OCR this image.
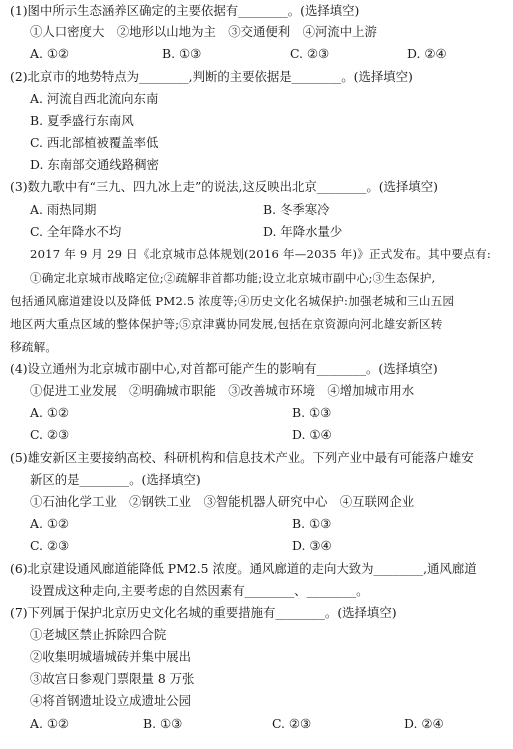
(1)图中所示生态涵养区确定的主要依据有________。(选择填空)
①人口密度大　②地形以山地为主　③交通便利　④河流中上游
A. ①②	B. ①③	C. ②③	D. ②④
(2)北京市的地势特点为________,判断的主要依据是________。(选择填空)
A. 河流自西北流向东南
B. 夏季盛行东南风
C. 西北部植被覆盖率低
D. 东南部交通线路稠密
(3)数九歌中有“三九、四九冰上走”的说法,这反映出北京________。(选择填空)
A. 雨热同期	B. 冬季寒冷
C. 全年降水不均	D. 年降水量少
2017 年 9 月 29 日《北京城市总体规划(2016 年—2035 年)》正式发布。其中要点有:
①确定北京城市战略定位;②疏解非首都功能;设立北京城市副中心;③生态保护,
包括通风廊道建设以及降低 PM2.5 浓度等;④历史文化名城保护:加强老城和三山五园
地区两大重点区域的整体保护等;⑤京津冀协同发展,包括在京资源向河北雄安新区转
移疏解。
(4)设立通州为北京城市副中心,对首都可能产生的影响有________。(选择填空)
①促进工业发展　②明确城市职能　③改善城市环境　④增加城市用水
A. ①②	B. ①③
C. ②③	D. ①④
(5)雄安新区主要接纳高校、科研机构和信息技术产业。下列产业中最有可能落户雄安
新区的是________。(选择填空)
①石油化学工业　②钢铁工业　③智能机器人研究中心　④互联网企业
A. ①②	B. ①③
C. ②③	D. ③④
(6)北京建设通风廊道能降低 PM2.5 浓度。通风廊道的走向大致为________,通风廊道
设置成这种走向,主要考虑的自然因素有________、________。
(7)下列属于保护北京历史文化名城的重要措施有________。(选择填空)
①老城区禁止拆除四合院
②收集明城墙城砖并集中展出
③故宫日参观门票限量 8 万张
④将首钢遗址设立成遗址公园
A. ①②	B. ①③	C. ②③	D. ②④
